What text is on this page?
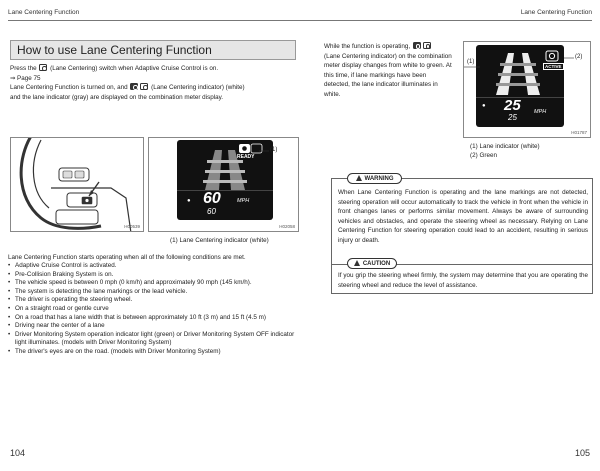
Lane Centering Function	Lane Centering Function
How to use Lane Centering Function

Press the (Lane Centering) switch when Adaptive Cruise Control is on.

⇒ Page 75

Lane Centering Function is turned on, and	(Lane Centering indicator) (white)

and the lane indicator (gray) are displayed on the combination meter display.

H00539
READY
● 60
60
MPH
(1)
H02058
(1) Lane Centering indicator (white)
Lane Centering Function starts operating when all of the following conditions are met.
• Adaptive Cruise Control is activated.
• Pre-Collision Braking System is on.
• The vehicle speed is between 0 mph (0 km/h) and approximately 90 mph (145 km/h).
• The system is detecting the lane markings or the lead vehicle.
• The driver is operating the steering wheel.
• On a straight road or gentle curve
• On a road that has a lane width that is between approximately 10 ft (3 m) and 15 ft (4.5 m)
• Driving near the center of a lane
• Driver Monitoring System operation indicator light (green) or Driver Monitoring System OFF indicator light illuminates. (models with Driver Monitoring System)
• The driver's eyes are on the road. (models with Driver Monitoring System)
104

While the function is operating,

(Lane Centering indicator) on the combination

meter display changes from white to green. At

this time, if lane markings have been

detected, the lane indicator illuminates in

white.

ACTIVE
● 25
25
MPH
(2)
H01787
(1)
(1) Lane indicator (white)
(2) Green
When Lane Centering Function is operating and the lane markings are not detected, steering operation will occur automatically to track the vehicle in front when the vehicle in front changes lanes or performs similar movement. Always be aware of surrounding vehicles and obstacles, and operate the steering wheel as necessary. Relying on Lane Centering Function for steering operation could lead to an accident, resulting in serious injury or death.
WARNING
If you grip the steering wheel firmly, the system may determine that you are operating the steering wheel and reduce the level of assistance.
CAUTION
105
